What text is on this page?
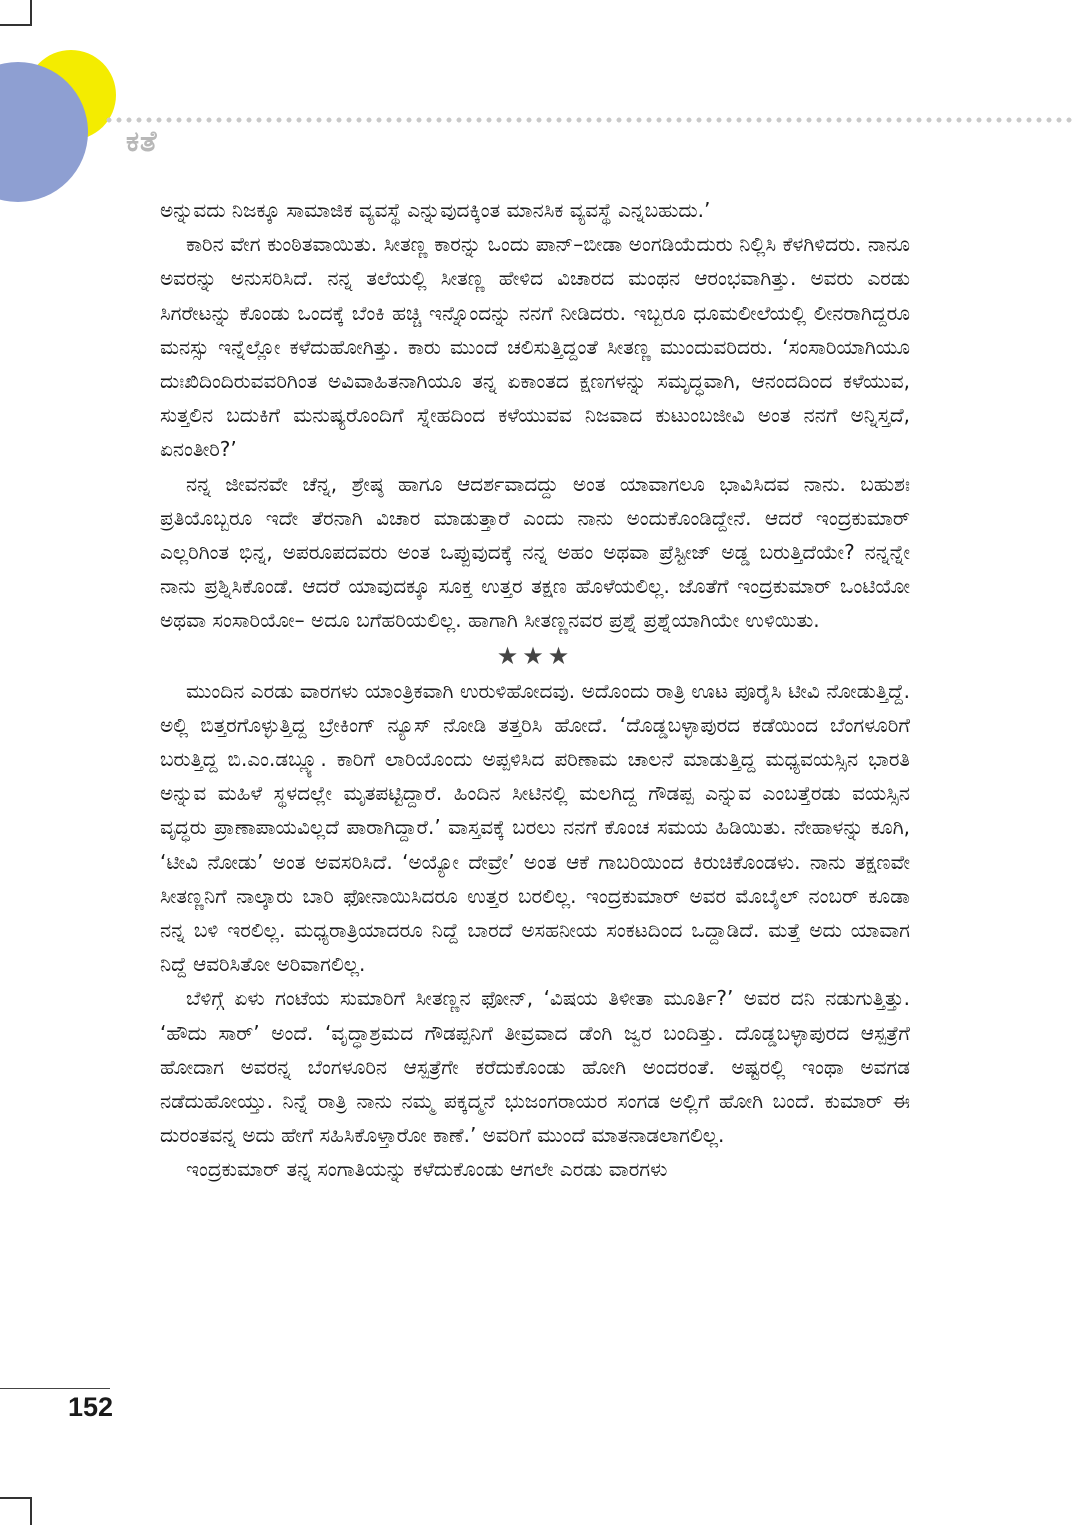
ಕತೆ

ಅನ್ನುವದು ನಿಜಕ್ಕೂ ಸಾಮಾಜಿಕ ವ್ಯವಸ್ಥೆ ಎನ್ನುವುದಕ್ಕಿಂತ ಮಾನಸಿಕ ವ್ಯವಸ್ಥೆ ಎನ್ನಬಹುದು.’

ಕಾರಿನ ವೇಗ ಕುಂಠಿತವಾಯಿತು. ಸೀತಣ್ಣ ಕಾರನ್ನು ಒಂದು ಪಾನ್–ಬೀಡಾ ಅಂಗಡಿಯೆದುರು ನಿಲ್ಲಿಸಿ ಕೆಳಗಿಳಿದರು. ನಾನೂ ಅವರನ್ನು ಅನುಸರಿಸಿದೆ. ನನ್ನ ತಲೆಯಲ್ಲಿ ಸೀತಣ್ಣ ಹೇಳಿದ ವಿಚಾರದ ಮಂಥನ ಆರಂಭವಾಗಿತ್ತು. ಅವರು ಎರಡು ಸಿಗರೇಟನ್ನು ಕೊಂಡು ಒಂದಕ್ಕೆ ಬೆಂಕಿ ಹಚ್ಚಿ ಇನ್ನೊಂದನ್ನು ನನಗೆ ನೀಡಿದರು. ಇಬ್ಬರೂ ಧೂಮಲೀಲೆಯಲ್ಲಿ ಲೀನರಾಗಿದ್ದರೂ ಮನಸ್ಸು ಇನ್ನೆಲ್ಲೋ ಕಳೆದುಹೋಗಿತ್ತು. ಕಾರು ಮುಂದೆ ಚಲಿಸುತ್ತಿದ್ದಂತೆ ಸೀತಣ್ಣ ಮುಂದುವರಿದರು. ‘ಸಂಸಾರಿಯಾಗಿಯೂ ದುಃಖಿದಿಂದಿರುವವರಿಗಿಂತ ಅವಿವಾಹಿತನಾಗಿಯೂ ತನ್ನ ಏಕಾಂತದ ಕ್ಷಣಗಳನ್ನು ಸಮೃದ್ಧವಾಗಿ, ಆನಂದದಿಂದ ಕಳೆಯುವ, ಸುತ್ತಲಿನ ಬದುಕಿಗೆ ಮನುಷ್ಯರೊಂದಿಗೆ ಸ್ನೇಹದಿಂದ ಕಳೆಯುವವ ನಿಜವಾದ ಕುಟುಂಬಜೀವಿ ಅಂತ ನನಗೆ ಅನ್ನಿಸ್ತದೆ, ಏನಂತೀರಿ?’

ನನ್ನ ಜೀವನವೇ ಚೆನ್ನ, ಶ್ರೇಷ್ಠ ಹಾಗೂ ಆದರ್ಶವಾದದ್ದು ಅಂತ ಯಾವಾಗಲೂ ಭಾವಿಸಿದವ ನಾನು. ಬಹುಶಃ ಪ್ರತಿಯೊಬ್ಬರೂ ಇದೇ ತೆರನಾಗಿ ವಿಚಾರ ಮಾಡುತ್ತಾರೆ ಎಂದು ನಾನು ಅಂದುಕೊಂಡಿದ್ದೇನೆ. ಆದರೆ ಇಂದ್ರಕುಮಾರ್ ಎಲ್ಲರಿಗಿಂತ ಭಿನ್ನ, ಅಪರೂಪದವರು ಅಂತ ಒಪ್ಪುವುದಕ್ಕೆ ನನ್ನ ಅಹಂ ಅಥವಾ ಪ್ರೆಸ್ಟೀಜ್ ಅಡ್ಡ ಬರುತ್ತಿದೆಯೇ? ನನ್ನನ್ನೇ ನಾನು ಪ್ರಶ್ನಿಸಿಕೊಂಡೆ. ಆದರೆ ಯಾವುದಕ್ಕೂ ಸೂಕ್ತ ಉತ್ತರ ತಕ್ಷಣ ಹೊಳೆಯಲಿಲ್ಲ. ಜೊತೆಗೆ ಇಂದ್ರಕುಮಾರ್ ಒಂಟಿಯೋ ಅಥವಾ ಸಂಸಾರಿಯೋ– ಅದೂ ಬಗೆಹರಿಯಲಿಲ್ಲ. ಹಾಗಾಗಿ ಸೀತಣ್ಣನವರ ಪ್ರಶ್ನೆ ಪ್ರಶ್ನೆಯಾಗಿಯೇ ಉಳಿಯಿತು.

★★★

ಮುಂದಿನ ಎರಡು ವಾರಗಳು ಯಾಂತ್ರಿಕವಾಗಿ ಉರುಳಿಹೋದವು. ಅದೊಂದು ರಾತ್ರಿ ಊಟ ಪೂರೈಸಿ ಟೀವಿ ನೋಡುತ್ತಿದ್ದೆ. ಅಲ್ಲಿ ಬಿತ್ತರಗೊಳ್ಳುತ್ತಿದ್ದ ಬ್ರೇಕಿಂಗ್ ನ್ಯೂಸ್ ನೋಡಿ ತತ್ತರಿಸಿ ಹೋದೆ. ‘ದೊಡ್ಡಬಳ್ಳಾಪುರದ ಕಡೆಯಿಂದ ಬೆಂಗಳೂರಿಗೆ ಬರುತ್ತಿದ್ದ ಬಿ.ಎಂ.ಡಬ್ಲ್ಯೂ. ಕಾರಿಗೆ ಲಾರಿಯೊಂದು ಅಪ್ಪಳಿಸಿದ ಪರಿಣಾಮ ಚಾಲನೆ ಮಾಡುತ್ತಿದ್ದ ಮಧ್ಯವಯಸ್ಸಿನ ಭಾರತಿ ಅನ್ನುವ ಮಹಿಳೆ ಸ್ಥಳದಲ್ಲೇ ಮೃತಪಟ್ಟಿದ್ದಾರೆ. ಹಿಂದಿನ ಸೀಟಿನಲ್ಲಿ ಮಲಗಿದ್ದ ಗೌಡಪ್ಪ ಎನ್ನುವ ಎಂಬತ್ತೆರಡು ವಯಸ್ಸಿನ ವೃದ್ಧರು ಪ್ರಾಣಾಪಾಯವಿಲ್ಲದೆ ಪಾರಾಗಿದ್ದಾರೆ.’ ವಾಸ್ತವಕ್ಕೆ ಬರಲು ನನಗೆ ಕೊಂಚ ಸಮಯ ಹಿಡಿಯಿತು. ನೇಹಾಳನ್ನು ಕೂಗಿ, ‘ಟೀವಿ ನೋಡು’ ಅಂತ ಅವಸರಿಸಿದೆ. ‘ಅಯ್ಯೋ ದೇವ್ರೇ’ ಅಂತ ಆಕೆ ಗಾಬರಿಯಿಂದ ಕಿರುಚಿಕೊಂಡಳು. ನಾನು ತಕ್ಷಣವೇ ಸೀತಣ್ಣನಿಗೆ ನಾಲ್ಕಾರು ಬಾರಿ ಫೋನಾಯಿಸಿದರೂ ಉತ್ತರ ಬರಲಿಲ್ಲ. ಇಂದ್ರಕುಮಾರ್ ಅವರ ಮೊಬೈಲ್ ನಂಬರ್ ಕೂಡಾ ನನ್ನ ಬಳಿ ಇರಲಿಲ್ಲ. ಮಧ್ಯರಾತ್ರಿಯಾದರೂ ನಿದ್ದೆ ಬಾರದೆ ಅಸಹನೀಯ ಸಂಕಟದಿಂದ ಒದ್ದಾಡಿದೆ. ಮತ್ತೆ ಅದು ಯಾವಾಗ ನಿದ್ದೆ ಆವರಿಸಿತೋ ಅರಿವಾಗಲಿಲ್ಲ.

ಬೆಳಿಗ್ಗೆ ಏಳು ಗಂಟೆಯ ಸುಮಾರಿಗೆ ಸೀತಣ್ಣನ ಫೋನ್, ‘ವಿಷಯ ತಿಳೀತಾ ಮೂರ್ತಿ?’ ಅವರ ದನಿ ನಡುಗುತ್ತಿತ್ತು. ‘ಹೌದು ಸಾರ್’ ಅಂದೆ. ‘ವೃದ್ಧಾಶ್ರಮದ ಗೌಡಪ್ಪನಿಗೆ ತೀವ್ರವಾದ ಡೆಂಗಿ ಜ್ವರ ಬಂದಿತ್ತು. ದೊಡ್ಡಬಳ್ಳಾಪುರದ ಆಸ್ಪತ್ರೆಗೆ ಹೋದಾಗ ಅವರನ್ನ ಬೆಂಗಳೂರಿನ ಆಸ್ಪತ್ರೆಗೇ ಕರೆದುಕೊಂಡು ಹೋಗಿ ಅಂದರಂತೆ. ಅಷ್ಟರಲ್ಲಿ ಇಂಥಾ ಅವಗಡ ನಡೆದುಹೋಯ್ತು. ನಿನ್ನೆ ರಾತ್ರಿ ನಾನು ನಮ್ಮ ಪಕ್ಕದ್ಮನೆ ಭುಜಂಗರಾಯರ ಸಂಗಡ ಅಲ್ಲಿಗೆ ಹೋಗಿ ಬಂದೆ. ಕುಮಾರ್ ಈ ದುರಂತವನ್ನ ಅದು ಹೇಗೆ ಸಹಿಸಿಕೊಳ್ತಾರೋ ಕಾಣೆ.’ ಅವರಿಗೆ ಮುಂದೆ ಮಾತನಾಡಲಾಗಲಿಲ್ಲ.

ಇಂದ್ರಕುಮಾರ್ ತನ್ನ ಸಂಗಾತಿಯನ್ನು ಕಳೆದುಕೊಂಡು ಆಗಲೇ ಎರಡು ವಾರಗಳು

152
